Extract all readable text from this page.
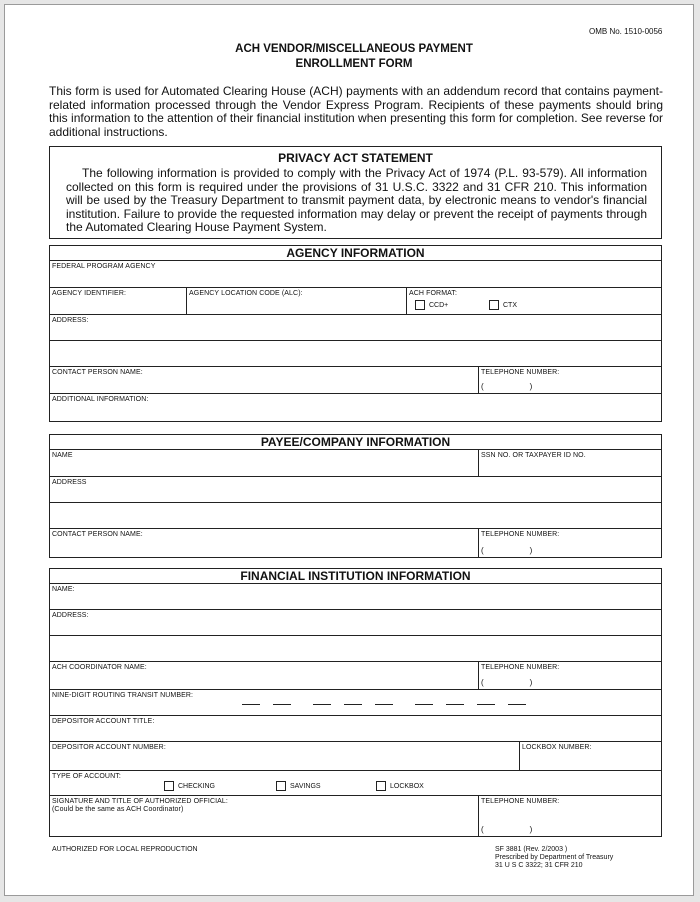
OMB No. 1510-0056
ACH VENDOR/MISCELLANEOUS PAYMENT
ENROLLMENT FORM
This form is used for Automated Clearing House (ACH) payments with an addendum record that contains payment-related information processed through the Vendor Express Program. Recipients of these payments should bring this information to the attention of their financial institution when presenting this form for completion. See reverse for additional instructions.
PRIVACY ACT STATEMENT
The following information is provided to comply with the Privacy Act of 1974 (P.L. 93-579). All information collected on this form is required under the provisions of 31 U.S.C. 3322 and 31 CFR 210. This information will be used by the Treasury Department to transmit payment data, by electronic means to vendor's financial institution. Failure to provide the requested information may delay or prevent the receipt of payments through the Automated Clearing House Payment System.
AGENCY INFORMATION
FEDERAL PROGRAM AGENCY
AGENCY IDENTIFIER:	AGENCY LOCATION CODE (ALC):	ACH FORMAT:
CCD+	CTX
ADDRESS:
CONTACT PERSON NAME:	TELEPHONE NUMBER:
(	)
ADDITIONAL INFORMATION:
PAYEE/COMPANY INFORMATION
NAME	SSN NO. OR TAXPAYER ID NO.
ADDRESS
CONTACT PERSON NAME:	TELEPHONE NUMBER:
(	)
FINANCIAL INSTITUTION INFORMATION
NAME:
ADDRESS:
ACH COORDINATOR NAME:	TELEPHONE NUMBER:
(	)
NINE-DIGIT ROUTING TRANSIT NUMBER:
DEPOSITOR ACCOUNT TITLE:
DEPOSITOR ACCOUNT NUMBER:	LOCKBOX NUMBER:
TYPE OF ACCOUNT:
CHECKING	SAVINGS	LOCKBOX
SIGNATURE AND TITLE OF AUTHORIZED OFFICIAL:
(Could be the same as ACH Coordinator)
TELEPHONE NUMBER:
(	)
AUTHORIZED FOR LOCAL REPRODUCTION	SF 3881 (Rev. 2/2003 )
Prescribed by Department of Treasury
31 U S C 3322; 31 CFR 210
